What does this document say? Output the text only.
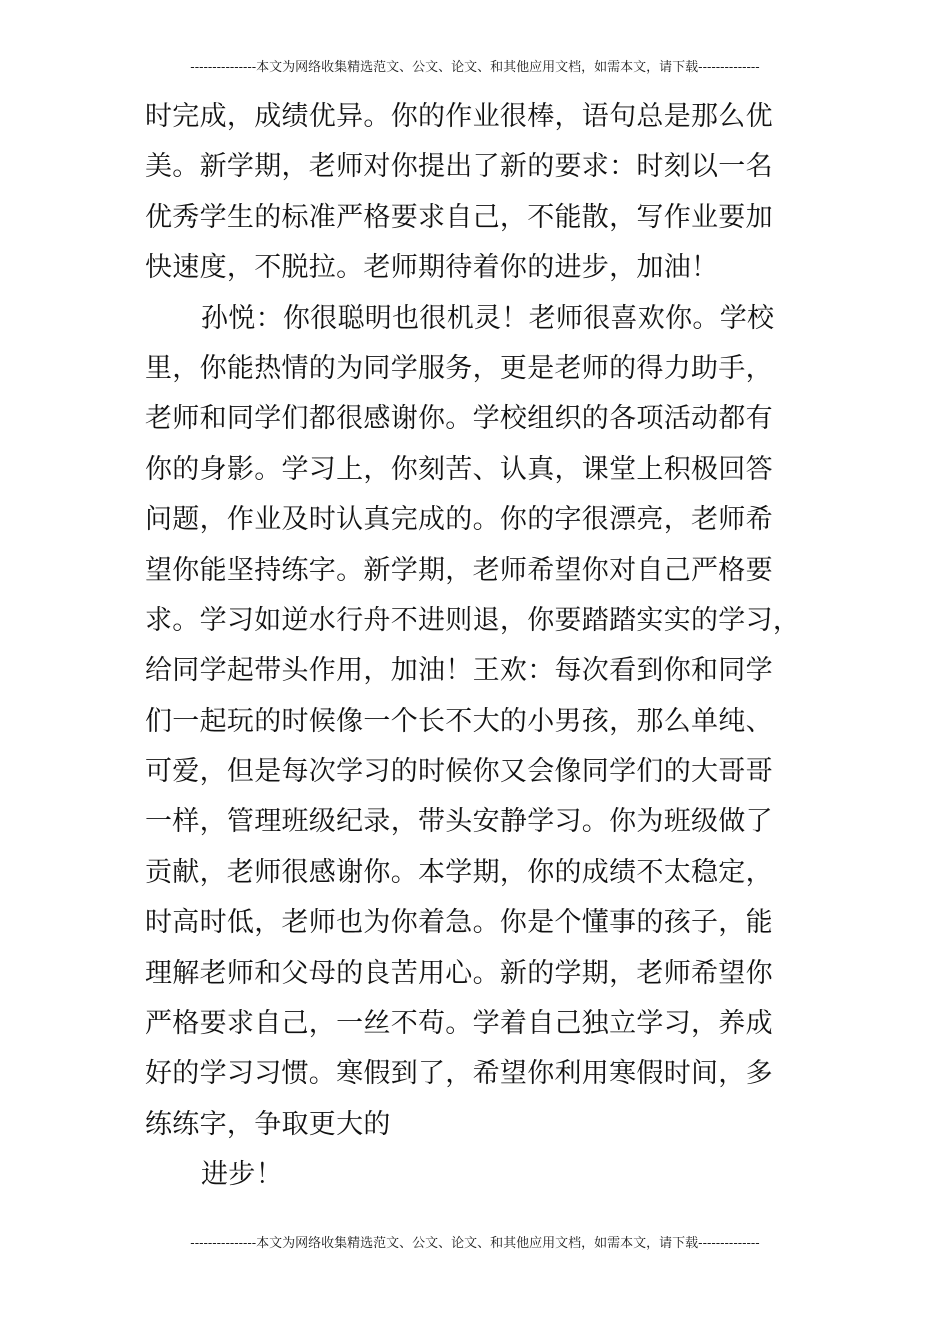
---------------本文为网络收集精选范文、公文、论文、和其他应用文档，如需本文，请下载--------------
时完成，成绩优异。你的作业很棒，语句总是那么优
美。新学期，老师对你提出了新的要求：时刻以一名
优秀学生的标准严格要求自己，不能散，写作业要加
快速度，不脱拉。老师期待着你的进步，加油！
孙悦：你很聪明也很机灵！老师很喜欢你。学校
里，你能热情的为同学服务，更是老师的得力助手，
老师和同学们都很感谢你。学校组织的各项活动都有
你的身影。学习上，你刻苦、认真，课堂上积极回答
问题，作业及时认真完成的。你的字很漂亮，老师希
望你能坚持练字。新学期，老师希望你对自己严格要
求。学习如逆水行舟不进则退，你要踏踏实实的学习，
给同学起带头作用，加油！王欢：每次看到你和同学
们一起玩的时候像一个长不大的小男孩，那么单纯、
可爱，但是每次学习的时候你又会像同学们的大哥哥
一样，管理班级纪录，带头安静学习。你为班级做了
贡献，老师很感谢你。本学期，你的成绩不太稳定，
时高时低，老师也为你着急。你是个懂事的孩子，能
理解老师和父母的良苦用心。新的学期，老师希望你
严格要求自己，一丝不苟。学着自己独立学习，养成
好的学习习惯。寒假到了，希望你利用寒假时间，多
练练字，争取更大的
进步！
---------------本文为网络收集精选范文、公文、论文、和其他应用文档，如需本文，请下载--------------
